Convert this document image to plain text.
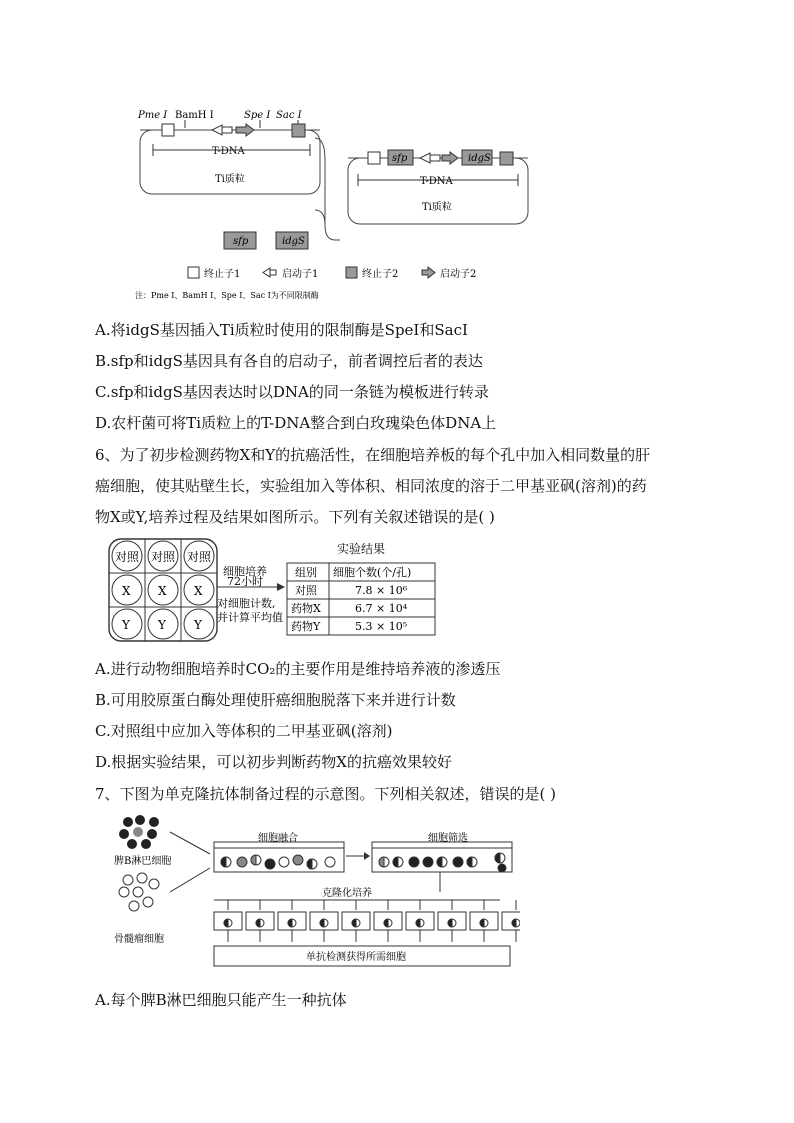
Pme Ⅰ BamH Ⅰ	Spe Ⅰ Sac Ⅰ
T-DNA
Ti质粒
sfp	idgS
T-DNA
Ti质粒
sfp	idgS
终止子1	启动子1	终止子2	启动子2
注：Pme Ⅰ、BamH Ⅰ、Spe Ⅰ、Sac Ⅰ为不同限制酶
A.将idgS基因插入Ti质粒时使用的限制酶是SpeI和SacI
B.sfp和idgS基因具有各自的启动子，前者调控后者的表达
C.sfp和idgS基因表达时以DNA的同一条链为模板进行转录
D.农杆菌可将Ti质粒上的T-DNA整合到白玫瑰染色体DNA上
6、为了初步检测药物X和Y的抗癌活性，在细胞培养板的每个孔中加入相同数量的肝
癌细胞，使其贴壁生长，实验组加入等体积、相同浓度的溶于二甲基亚砜(溶剂)的药
物X或Y,培养过程及结果如图所示。下列有关叙述错误的是( )
对照 对照 对照
X X X
Y Y Y
细胞培养
72小时
对细胞计数,
并计算平均值
实验结果
组别 细胞个数(个/孔)
对照	7.8 × 10⁶
药物X	6.7 × 10⁴
药物Y	5.3 × 10⁵
A.进行动物细胞培养时CO₂的主要作用是维持培养液的渗透压
B.可用胶原蛋白酶处理使肝癌细胞脱落下来并进行计数
C.对照组中应加入等体积的二甲基亚砜(溶剂)
D.根据实验结果，可以初步判断药物X的抗癌效果较好
7、下图为单克隆抗体制备过程的示意图。下列相关叙述，错误的是( )
脾B淋巴细胞
骨髓瘤细胞
细胞融合	细胞筛选
克隆化培养
单抗检测获得所需细胞
A.每个脾B淋巴细胞只能产生一种抗体
